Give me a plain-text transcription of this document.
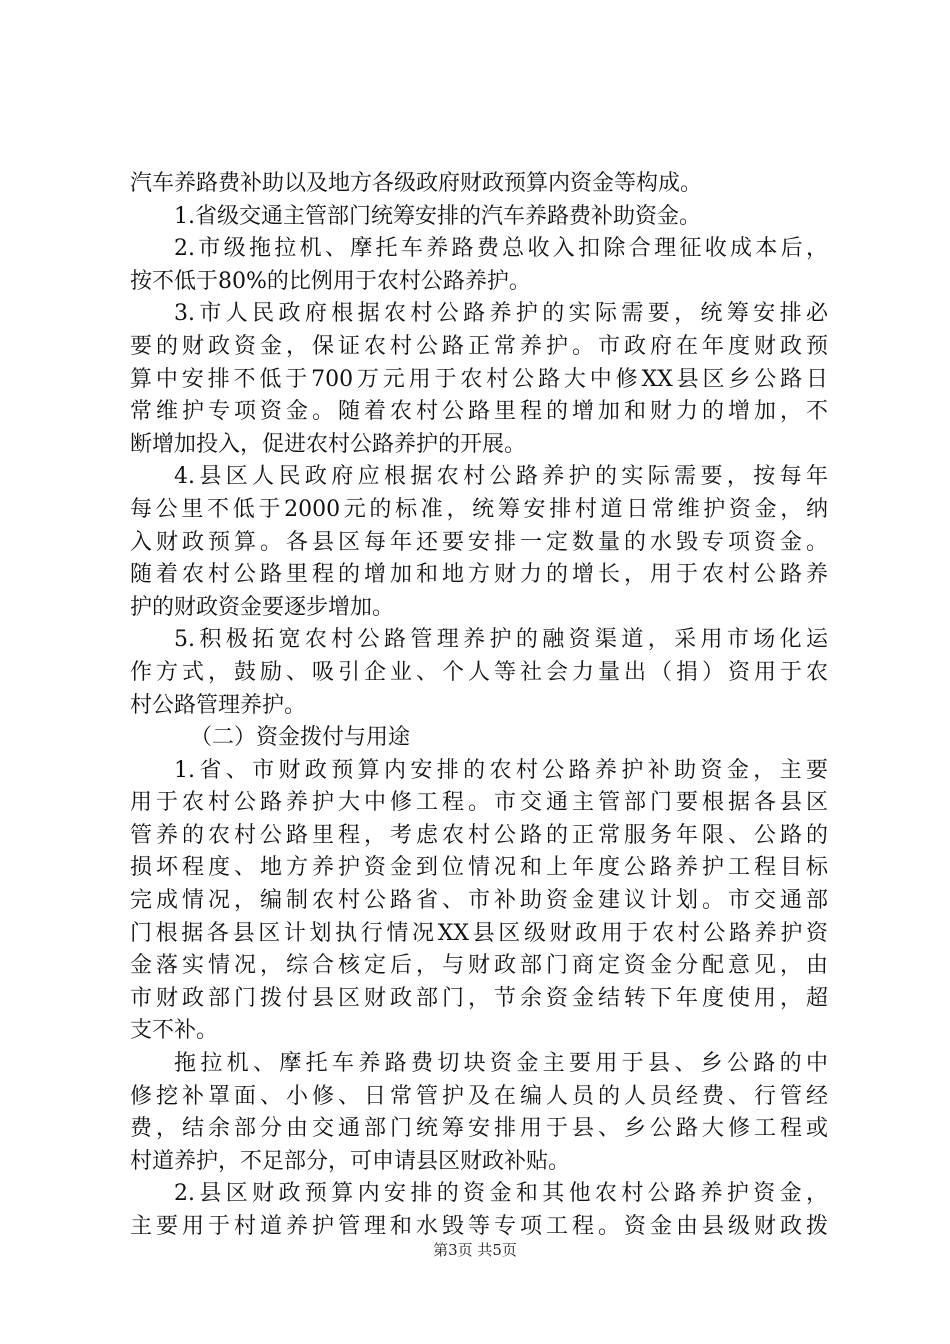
汽车养路费补助以及地方各级政府财政预算内资金等构成。
1.省级交通主管部门统筹安排的汽车养路费补助资金。
2.市级拖拉机、摩托车养路费总收入扣除合理征收成本后，
按不低于80%的比例用于农村公路养护。
3.市人民政府根据农村公路养护的实际需要，统筹安排必
要的财政资金，保证农村公路正常养护。市政府在年度财政预
算中安排不低于700万元用于农村公路大中修XX县区乡公路日
常维护专项资金。随着农村公路里程的增加和财力的增加，不
断增加投入，促进农村公路养护的开展。
4.县区人民政府应根据农村公路养护的实际需要，按每年
每公里不低于2000元的标准，统筹安排村道日常维护资金，纳
入财政预算。各县区每年还要安排一定数量的水毁专项资金。
随着农村公路里程的增加和地方财力的增长，用于农村公路养
护的财政资金要逐步增加。
5.积极拓宽农村公路管理养护的融资渠道，采用市场化运
作方式，鼓励、吸引企业、个人等社会力量出（捐）资用于农
村公路管理养护。
（二）资金拨付与用途
1.省、市财政预算内安排的农村公路养护补助资金，主要
用于农村公路养护大中修工程。市交通主管部门要根据各县区
管养的农村公路里程，考虑农村公路的正常服务年限、公路的
损坏程度、地方养护资金到位情况和上年度公路养护工程目标
完成情况，编制农村公路省、市补助资金建议计划。市交通部
门根据各县区计划执行情况XX县区级财政用于农村公路养护资
金落实情况，综合核定后，与财政部门商定资金分配意见，由
市财政部门拨付县区财政部门，节余资金结转下年度使用，超
支不补。
拖拉机、摩托车养路费切块资金主要用于县、乡公路的中
修挖补罩面、小修、日常管护及在编人员的人员经费、行管经
费，结余部分由交通部门统筹安排用于县、乡公路大修工程或
村道养护，不足部分，可申请县区财政补贴。
2.县区财政预算内安排的资金和其他农村公路养护资金，
主要用于村道养护管理和水毁等专项工程。资金由县级财政拨
第3页 共5页
